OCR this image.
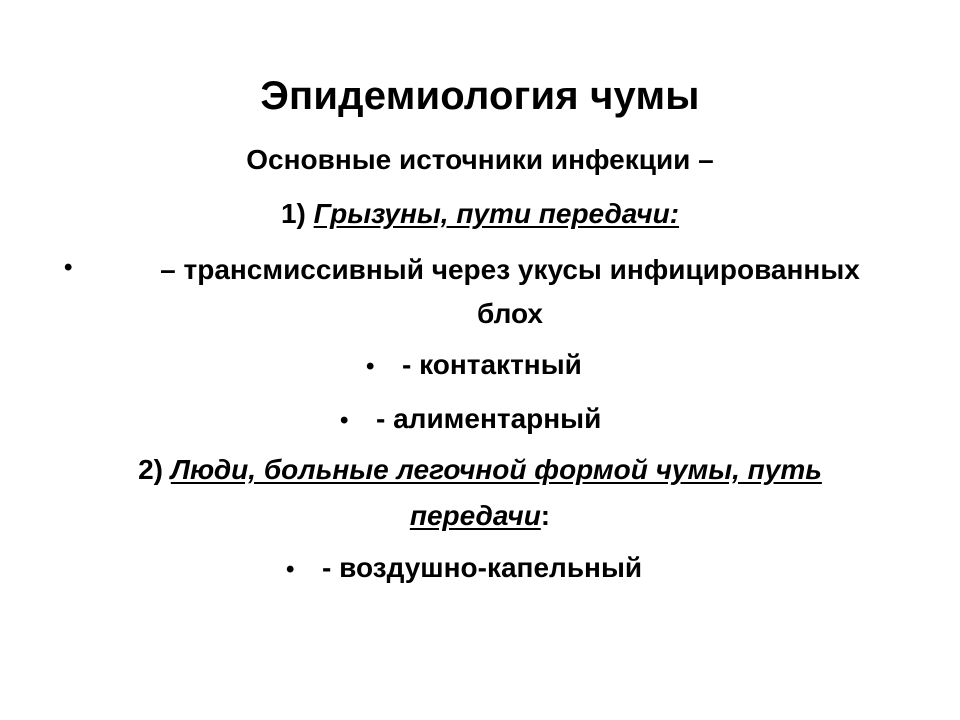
Эпидемиология чумы
Основные источники инфекции –
1) Грызуны, пути передачи:
•	– трансмиссивный через укусы инфицированных
блох
• - контактный
• - алиментарный
2) Люди, больные легочной формой чумы, путь
передачи:
• - воздушно-капельный
